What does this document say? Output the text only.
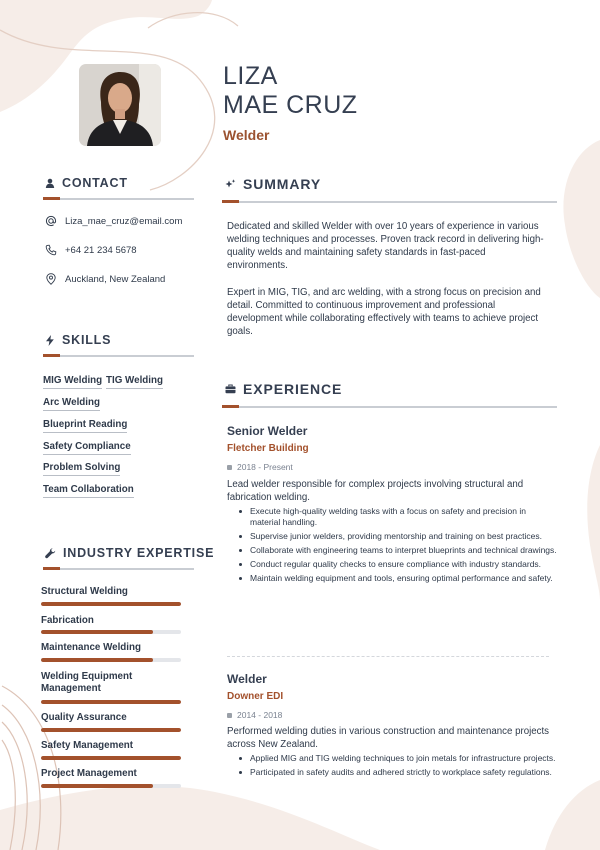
LIZA
MAE CRUZ
Welder
CONTACT
Liza_mae_cruz@email.com
+64 21 234 5678
Auckland, New Zealand
SKILLS
MIG Welding TIG Welding
Arc Welding
Blueprint Reading
Safety Compliance
Problem Solving
Team Collaboration
INDUSTRY EXPERTISE
Structural Welding
Fabrication
Maintenance Welding
Welding Equipment Management
Quality Assurance
Safety Management
Project Management
SUMMARY
Dedicated and skilled Welder with over 10 years of experience in various welding techniques and processes. Proven track record in delivering high-quality welds and maintaining safety standards in fast-paced environments.
Expert in MIG, TIG, and arc welding, with a strong focus on precision and detail. Committed to continuous improvement and professional development while collaborating effectively with teams to achieve project goals.
EXPERIENCE
Senior Welder
Fletcher Building
2018 - Present
Lead welder responsible for complex projects involving structural and fabrication welding.
Execute high-quality welding tasks with a focus on safety and precision in material handling.
Supervise junior welders, providing mentorship and training on best practices.
Collaborate with engineering teams to interpret blueprints and technical drawings.
Conduct regular quality checks to ensure compliance with industry standards.
Maintain welding equipment and tools, ensuring optimal performance and safety.
Welder
Downer EDI
2014 - 2018
Performed welding duties in various construction and maintenance projects across New Zealand.
Applied MIG and TIG welding techniques to join metals for infrastructure projects.
Participated in safety audits and adhered strictly to workplace safety regulations.
